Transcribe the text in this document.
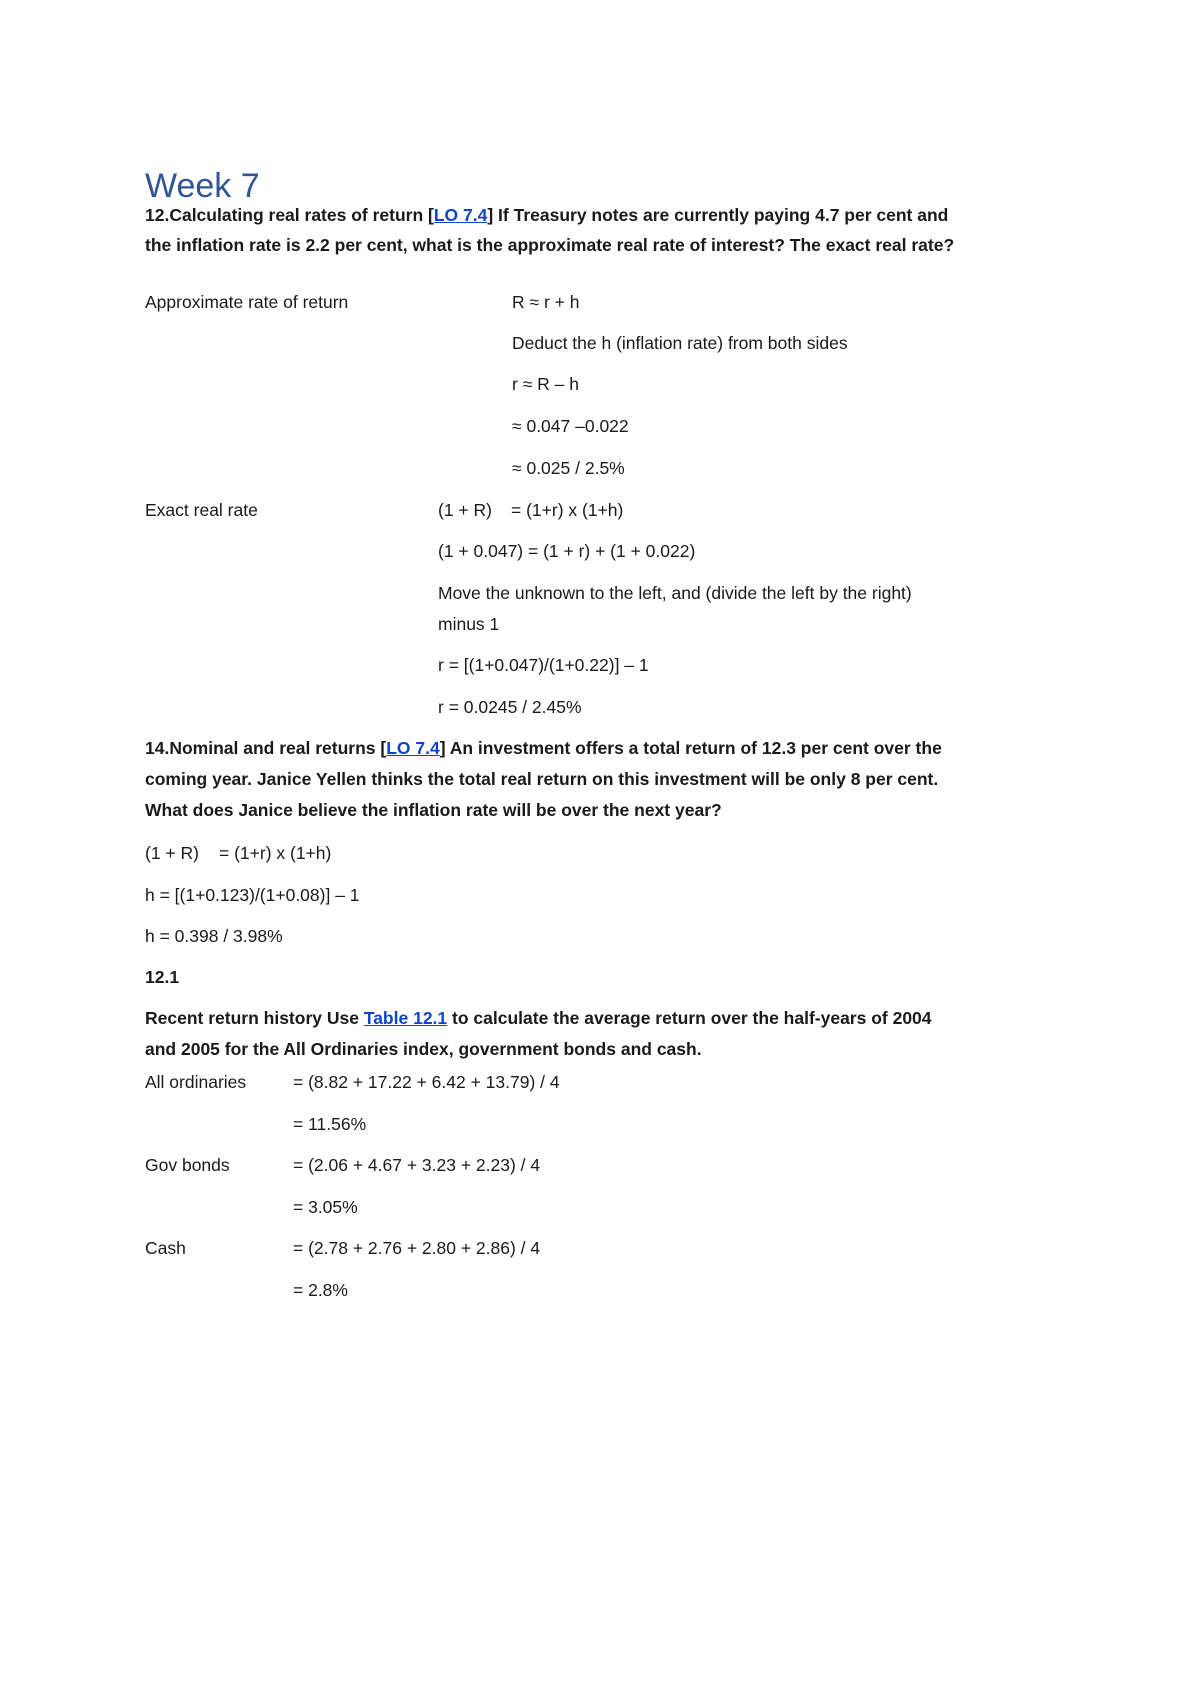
Week 7
12.Calculating real rates of return [LO 7.4] If Treasury notes are currently paying 4.7 per cent and
the inflation rate is 2.2 per cent, what is the approximate real rate of interest? The exact real rate?
Approximate rate of return	R ≈ r + h
Deduct the h (inflation rate) from both sides
r ≈ R – h
≈ 0.047 –0.022
≈ 0.025 / 2.5%
Exact real rate	(1 + R) = (1+r) x (1+h)
(1 + 0.047) = (1 + r) + (1 + 0.022)
Move the unknown to the left, and (divide the left by the right)
minus 1
r = [(1+0.047)/(1+0.22)] – 1
r = 0.0245 / 2.45%
14.Nominal and real returns [LO 7.4] An investment offers a total return of 12.3 per cent over the
coming year. Janice Yellen thinks the total real return on this investment will be only 8 per cent.
What does Janice believe the inflation rate will be over the next year?
(1 + R) = (1+r) x (1+h)
h = [(1+0.123)/(1+0.08)] – 1
h = 0.398 / 3.98%
12.1
Recent return history Use Table 12.1 to calculate the average return over the half-years of 2004
and 2005 for the All Ordinaries index, government bonds and cash.
All ordinaries	= (8.82 + 17.22 + 6.42 + 13.79) / 4
= 11.56%
Gov bonds	= (2.06 + 4.67 + 3.23 + 2.23) / 4
= 3.05%
Cash	= (2.78 + 2.76 + 2.80 + 2.86) / 4
= 2.8%
